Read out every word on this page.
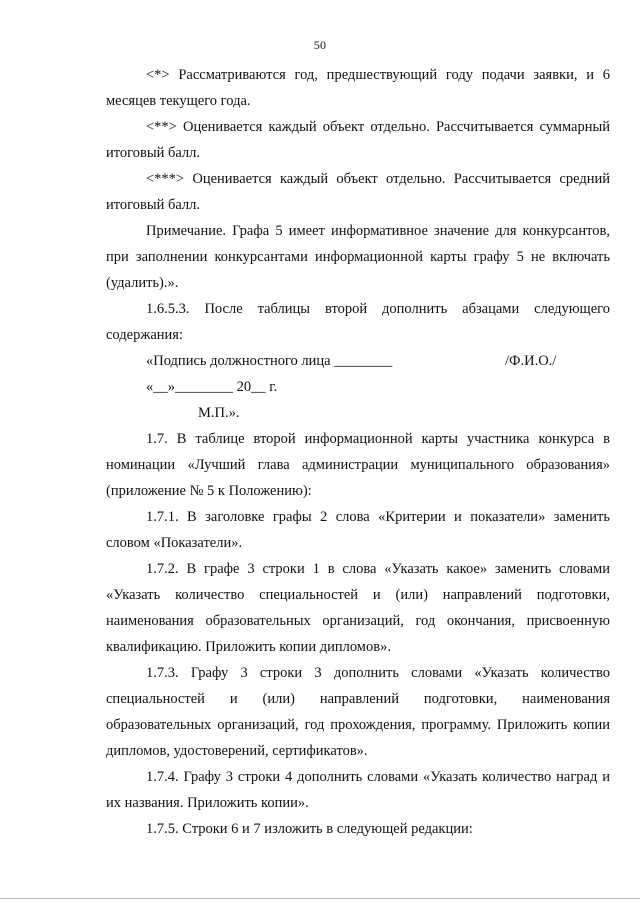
50

<*> Рассматриваются год, предшествующий году подачи заявки, и 6 месяцев текущего года.

<**> Оценивается каждый объект отдельно. Рассчитывается суммарный итоговый балл.

<***> Оценивается каждый объект отдельно. Рассчитывается средний итоговый балл.

Примечание. Графа 5 имеет информативное значение для конкурсантов, при заполнении конкурсантами информационной карты графу 5 не включать (удалить).».

1.6.5.3. После таблицы второй дополнить абзацами следующего содержания:

«Подпись должностного лица ________	/Ф.И.О./
«__»________ 20__ г.
М.П.».

1.7. В таблице второй информационной карты участника конкурса в номинации «Лучший глава администрации муниципального образования» (приложение № 5 к Положению):

1.7.1. В заголовке графы 2 слова «Критерии и показатели» заменить словом «Показатели».

1.7.2. В графе 3 строки 1 в слова «Указать какое» заменить словами «Указать количество специальностей и (или) направлений подготовки, наименования образовательных организаций, год окончания, присвоенную квалификацию. Приложить копии дипломов».

1.7.3. Графу 3 строки 3 дополнить словами «Указать количество специальностей и (или) направлений подготовки, наименования образовательных организаций, год прохождения, программу. Приложить копии дипломов, удостоверений, сертификатов».

1.7.4. Графу 3 строки 4 дополнить словами «Указать количество наград и их названия. Приложить копии».

1.7.5. Строки 6 и 7 изложить в следующей редакции:
